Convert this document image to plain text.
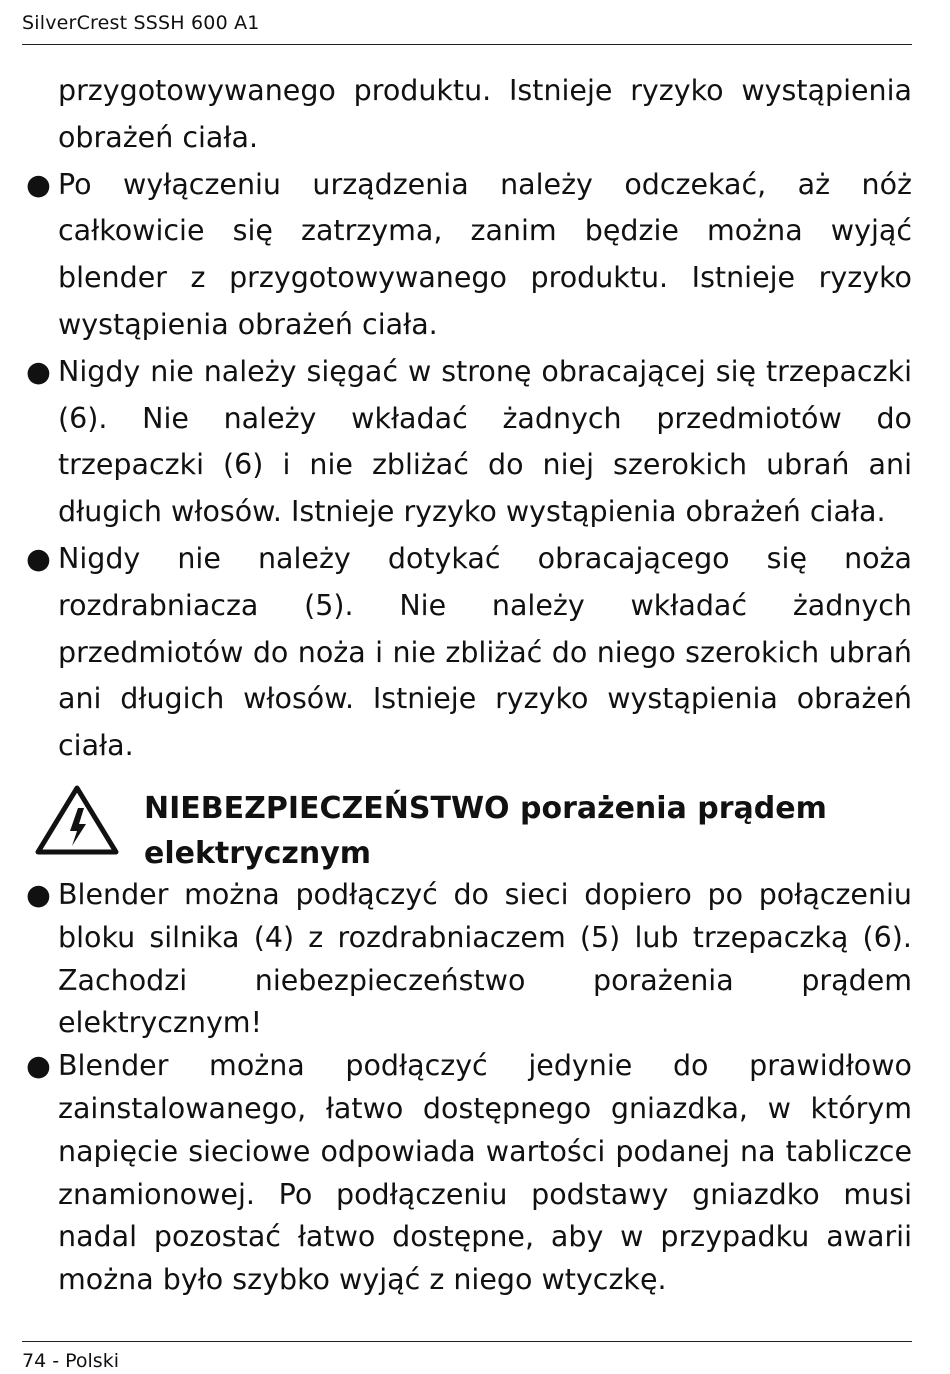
SilverCrest SSSH 600 A1

przygotowywanego produktu. Istnieje ryzyko wystąpienia obrażeń ciała.

● Po wyłączeniu urządzenia należy odczekać, aż nóż całkowicie się zatrzyma, zanim będzie można wyjąć blender z przygotowywanego produktu. Istnieje ryzyko wystąpienia obrażeń ciała.
● Nigdy nie należy sięgać w stronę obracającej się trzepaczki (6). Nie należy wkładać żadnych przedmiotów do trzepaczki (6) i nie zbliżać do niej szerokich ubrań ani długich włosów. Istnieje ryzyko wystąpienia obrażeń ciała.
● Nigdy nie należy dotykać obracającego się noża rozdrabniacza (5). Nie należy wkładać żadnych przedmiotów do noża i nie zbliżać do niego szerokich ubrań ani długich włosów. Istnieje ryzyko wystąpienia obrażeń ciała.
NIEBEZPIECZEŃSTWO porażenia prądem
elektrycznym
● Blender można podłączyć do sieci dopiero po połączeniu bloku silnika (4) z rozdrabniaczem (5) lub trzepaczką (6). Zachodzi niebezpieczeństwo porażenia prądem elektrycznym!
● Blender można podłączyć jedynie do prawidłowo zainstalowanego, łatwo dostępnego gniazdka, w którym napięcie sieciowe odpowiada wartości podanej na tabliczce znamionowej. Po podłączeniu podstawy gniazdko musi nadal pozostać łatwo dostępne, aby w przypadku awarii można było szybko wyjąć z niego wtyczkę.
74 - Polski
